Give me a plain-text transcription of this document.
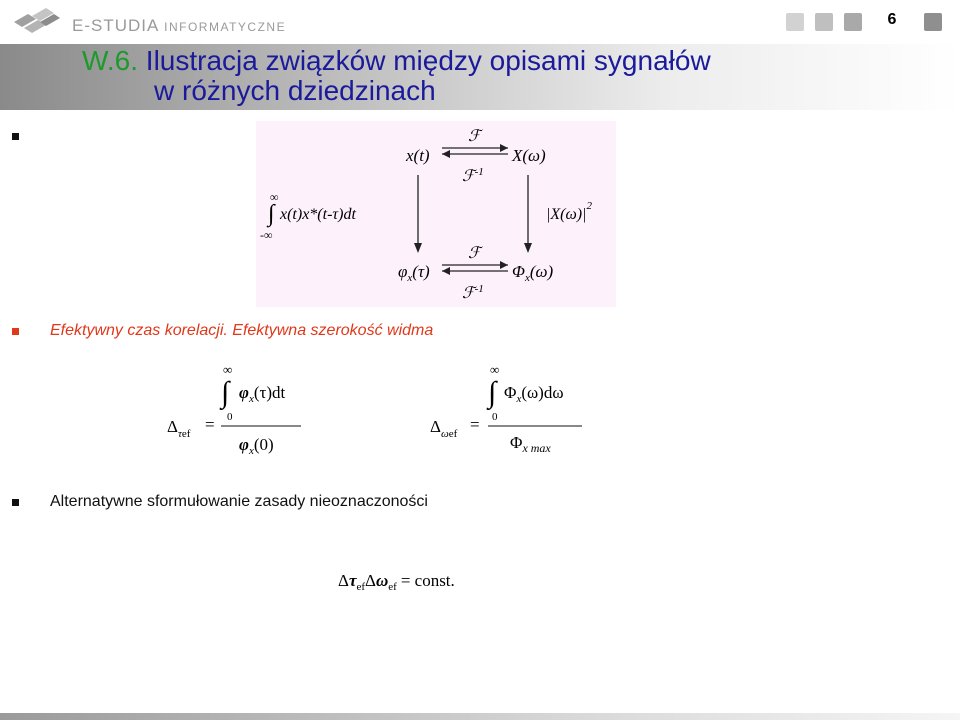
E-STUDIA INFORMATYCZNE	6
W.6. Ilustracja związków między opisami sygnałów
w różnych dziedzinach
Efektywny czas korelacji. Efektywna szerokość widma
Alternatywne sformułowanie zasady nieoznaczoności
x(t)	X(ω)
ℱ
ℱ$^{-1}$
∞
∫
-∞
x(t)x*(t-τ)dt	$|X(\omega)|^2$
$\varphi_x(\tau)$	$\Phi_x(\omega)$
ℱ
ℱ$^{-1}$
$\Delta_\tau ef$ =
∞
∫
0
$\varphi_x(\tau)dt$
$\varphi_x(0)$
$\Delta_\omega ef$ =
∞
∫
0
$\Phi_x(\omega)d\omega$
$\Phi_{x max}$
$\Delta\tau_{ef}\Delta\omega_{ef}$ = const.
